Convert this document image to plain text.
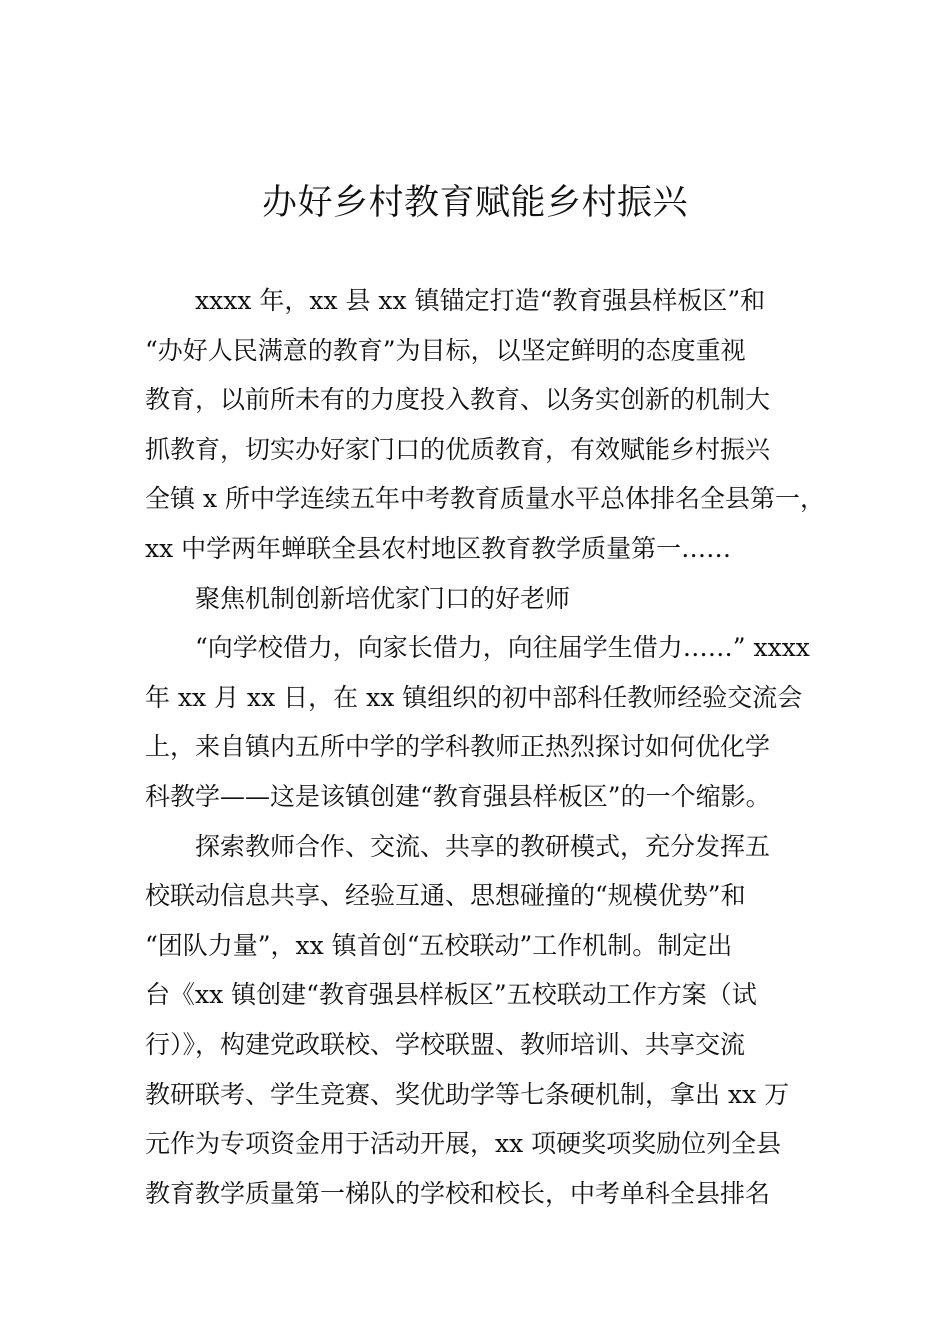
办好乡村教育赋能乡村振兴
xxxx 年，xx 县 xx 镇锚定打造“教育强县样板区”和
“办好人民满意的教育”为目标，以坚定鲜明的态度重视
教育，以前所未有的力度投入教育、以务实创新的机制大
抓教育，切实办好家门口的优质教育，有效赋能乡村振兴
全镇 x 所中学连续五年中考教育质量水平总体排名全县第一，
xx 中学两年蝉联全县农村地区教育教学质量第一……
聚焦机制创新培优家门口的好老师
“向学校借力，向家长借力，向往届学生借力……” xxxx
年 xx 月 xx 日，在 xx 镇组织的初中部科任教师经验交流会
上，来自镇内五所中学的学科教师正热烈探讨如何优化学
科教学——这是该镇创建“教育强县样板区”的一个缩影。
探索教师合作、交流、共享的教研模式，充分发挥五
校联动信息共享、经验互通、思想碰撞的“规模优势”和
“团队力量”，xx 镇首创“五校联动”工作机制。制定出
台《xx 镇创建“教育强县样板区”五校联动工作方案（试
行）》，构建党政联校、学校联盟、教师培训、共享交流
教研联考、学生竞赛、奖优助学等七条硬机制，拿出 xx 万
元作为专项资金用于活动开展，xx 项硬奖项奖励位列全县
教育教学质量第一梯队的学校和校长，中考单科全县排名
